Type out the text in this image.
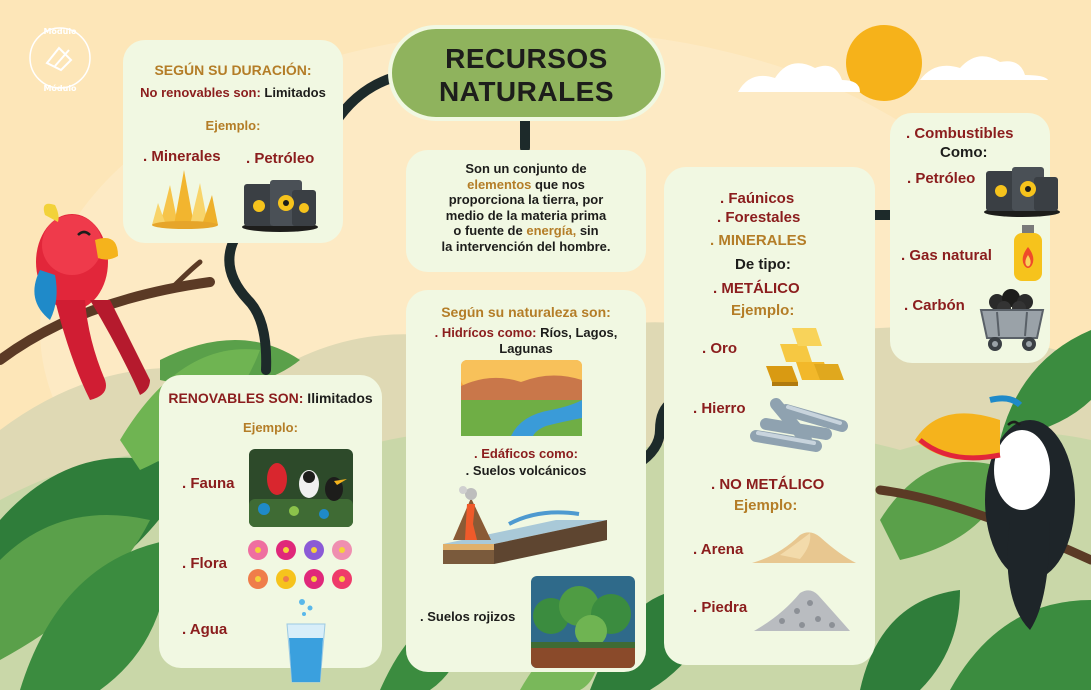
Módulo
Módulo
RECURSOS
NATURALES
Son un conjunto de
elementos que nos
proporciona la tierra, por
medio de la materia prima
o fuente de energía, sin
la intervención del hombre.
SEGÚN SU DURACIÓN:
No renovables son: Limitados
Ejemplo:
. Minerales . Petróleo
RENOVABLES SON: Ilimitados
Ejemplo:
. Fauna
. Flora
. Agua
Según su naturaleza son:
. Hidrícos como: Ríos, Lagos,
Lagunas
. Edáficos como:
. Suelos volcánicos
. Suelos rojizos
. Faúnicos
. Forestales
. MINERALES
De tipo:
. METÁLICO
Ejemplo:
. Oro
. Hierro
. NO METÁLICO
Ejemplo:
. Arena
. Piedra
. Combustibles
Como:
. Petróleo
. Gas natural
. Carbón
